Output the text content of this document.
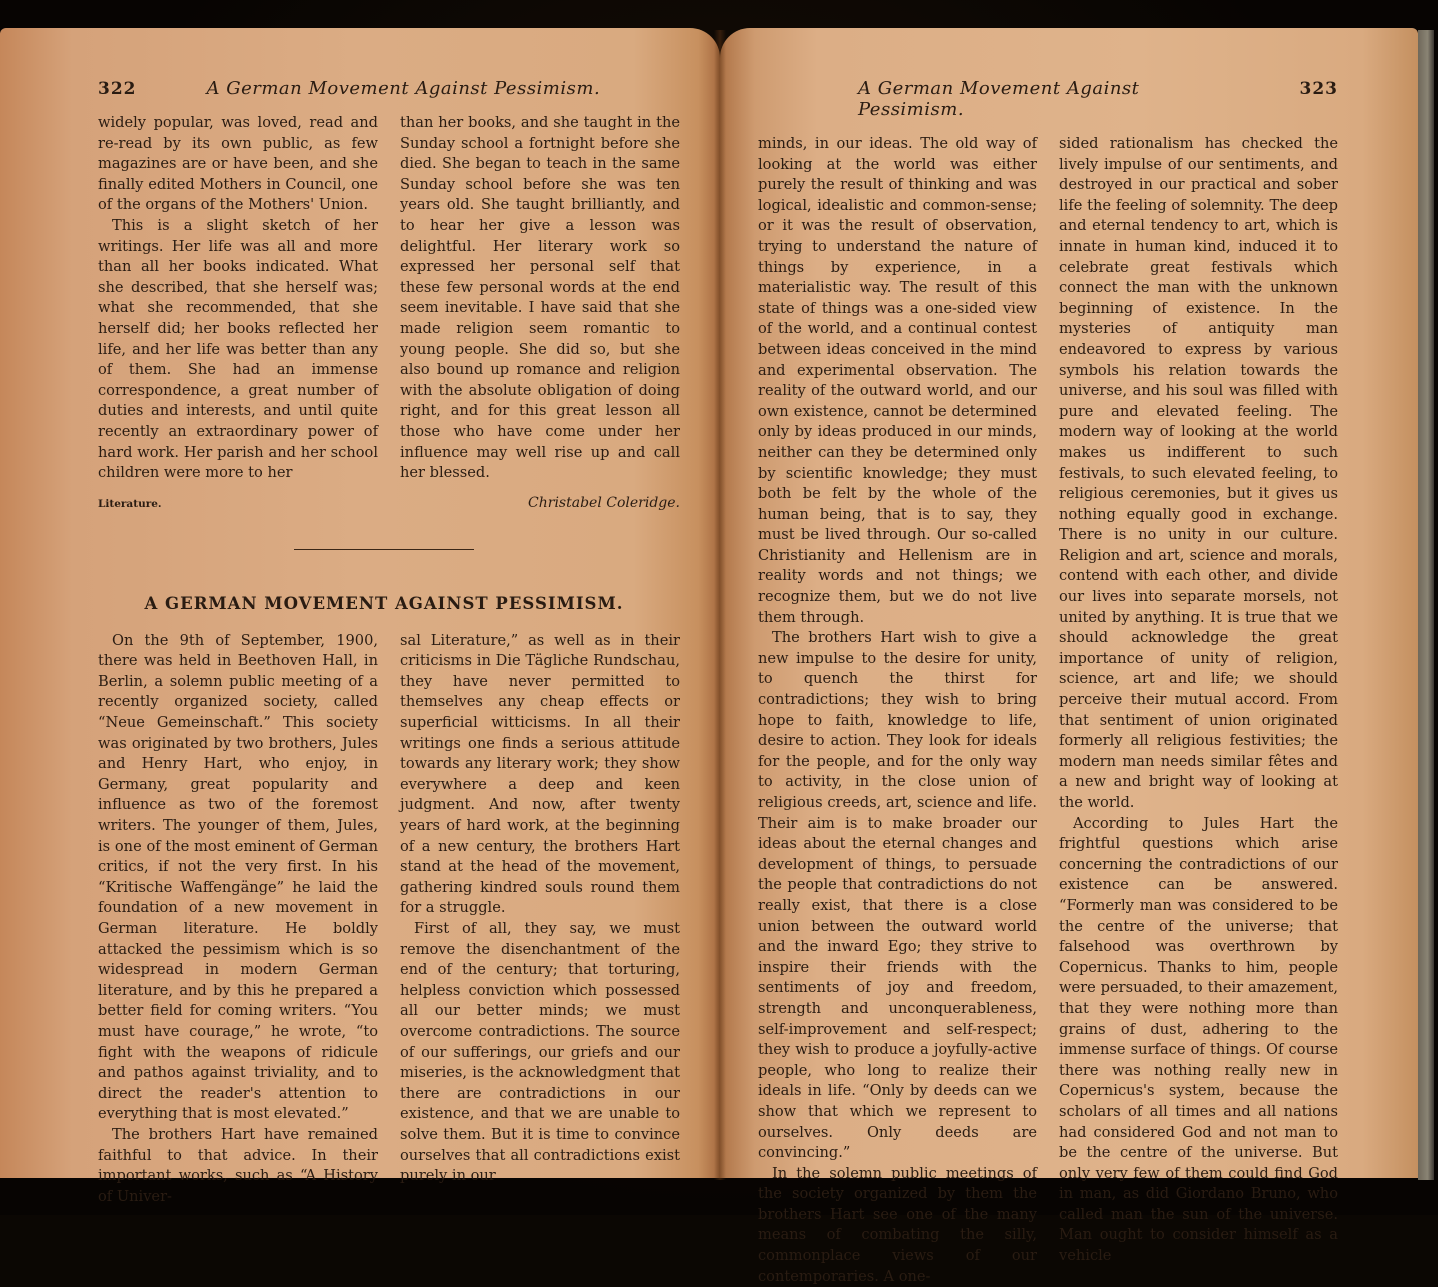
322	A German Movement Against Pessimism.

widely popular, was loved, read and re-read by its own public, as few magazines are or have been, and she finally edited Mothers in Council, one of the organs of the Mothers' Union.

This is a slight sketch of her writings. Her life was all and more than all her books indicated. What she described, that she herself was; what she recommended, that she herself did; her books reflected her life, and her life was better than any of them. She had an immense correspondence, a great number of duties and interests, and until quite recently an extraordinary power of hard work. Her parish and her school children were more to her

than her books, and she taught in the Sunday school a fortnight before she died. She began to teach in the same Sunday school before she was ten years old. She taught brilliantly, and to hear her give a lesson was delightful. Her literary work so expressed her personal self that these few personal words at the end seem inevitable. I have said that she made religion seem romantic to young people. She did so, but she also bound up romance and religion with the absolute obligation of doing right, and for this great lesson all those who have come under her influence may well rise up and call her blessed.

Literature.	Christabel Coleridge.
A GERMAN MOVEMENT AGAINST PESSIMISM.

On the 9th of September, 1900, there was held in Beethoven Hall, in Berlin, a solemn public meeting of a recently organized society, called “Neue Gemeinschaft.” This society was originated by two brothers, Jules and Henry Hart, who enjoy, in Germany, great popularity and influence as two of the foremost writers. The younger of them, Jules, is one of the most eminent of German critics, if not the very first. In his “Kritische Waffengänge” he laid the foundation of a new movement in German literature. He boldly attacked the pessimism which is so widespread in modern German literature, and by this he prepared a better field for coming writers. “You must have courage,” he wrote, “to fight with the weapons of ridicule and pathos against triviality, and to direct the reader's attention to everything that is most elevated.”

The brothers Hart have remained faithful to that advice. In their important works, such as “A History of Univer-

sal Literature,” as well as in their criticisms in Die Tägliche Rundschau, they have never permitted to themselves any cheap effects or superficial witticisms. In all their writings one finds a serious attitude towards any literary work; they show everywhere a deep and keen judgment. And now, after twenty years of hard work, at the beginning of a new century, the brothers Hart stand at the head of the movement, gathering kindred souls round them for a struggle.

First of all, they say, we must remove the disenchantment of the end of the century; that torturing, helpless conviction which possessed all our better minds; we must overcome contradictions. The source of our sufferings, our griefs and our miseries, is the acknowledgment that there are contradictions in our existence, and that we are unable to solve them. But it is time to convince ourselves that all contradictions exist purely in our

A German Movement Against Pessimism.
323

minds, in our ideas. The old way of looking at the world was either purely the result of thinking and was logical, idealistic and common-sense; or it was the result of observation, trying to understand the nature of things by experience, in a materialistic way. The result of this state of things was a one-sided view of the world, and a continual contest between ideas conceived in the mind and experimental observation. The reality of the outward world, and our own existence, cannot be determined only by ideas produced in our minds, neither can they be determined only by scientific knowledge; they must both be felt by the whole of the human being, that is to say, they must be lived through. Our so-called Christianity and Hellenism are in reality words and not things; we recognize them, but we do not live them through.

The brothers Hart wish to give a new impulse to the desire for unity, to quench the thirst for contradictions; they wish to bring hope to faith, knowledge to life, desire to action. They look for ideals for the people, and for the only way to activity, in the close union of religious creeds, art, science and life. Their aim is to make broader our ideas about the eternal changes and development of things, to persuade the people that contradictions do not really exist, that there is a close union between the outward world and the inward Ego; they strive to inspire their friends with the sentiments of joy and freedom, strength and unconquerableness, self-improvement and self-respect; they wish to produce a joyfully-active people, who long to realize their ideals in life. “Only by deeds can we show that which we represent to ourselves. Only deeds are convincing.”

In the solemn public meetings of the society organized by them the brothers Hart see one of the many means of combating the silly, commonplace views of our contemporaries. A one-

sided rationalism has checked the lively impulse of our sentiments, and destroyed in our practical and sober life the feeling of solemnity. The deep and eternal tendency to art, which is innate in human kind, induced it to celebrate great festivals which connect the man with the unknown beginning of existence. In the mysteries of antiquity man endeavored to express by various symbols his relation towards the universe, and his soul was filled with pure and elevated feeling. The modern way of looking at the world makes us indifferent to such festivals, to such elevated feeling, to religious ceremonies, but it gives us nothing equally good in exchange. There is no unity in our culture. Religion and art, science and morals, contend with each other, and divide our lives into separate morsels, not united by anything. It is true that we should acknowledge the great importance of unity of religion, science, art and life; we should perceive their mutual accord. From that sentiment of union originated formerly all religious festivities; the modern man needs similar fêtes and a new and bright way of looking at the world.

According to Jules Hart the frightful questions which arise concerning the contradictions of our existence can be answered. “Formerly man was considered to be the centre of the universe; that falsehood was overthrown by Copernicus. Thanks to him, people were persuaded, to their amazement, that they were nothing more than grains of dust, adhering to the immense surface of things. Of course there was nothing really new in Copernicus's system, because the scholars of all times and all nations had considered God and not man to be the centre of the universe. But only very few of them could find God in man, as did Giordano Bruno, who called man the sun of the universe. Man ought to consider himself as a vehicle
